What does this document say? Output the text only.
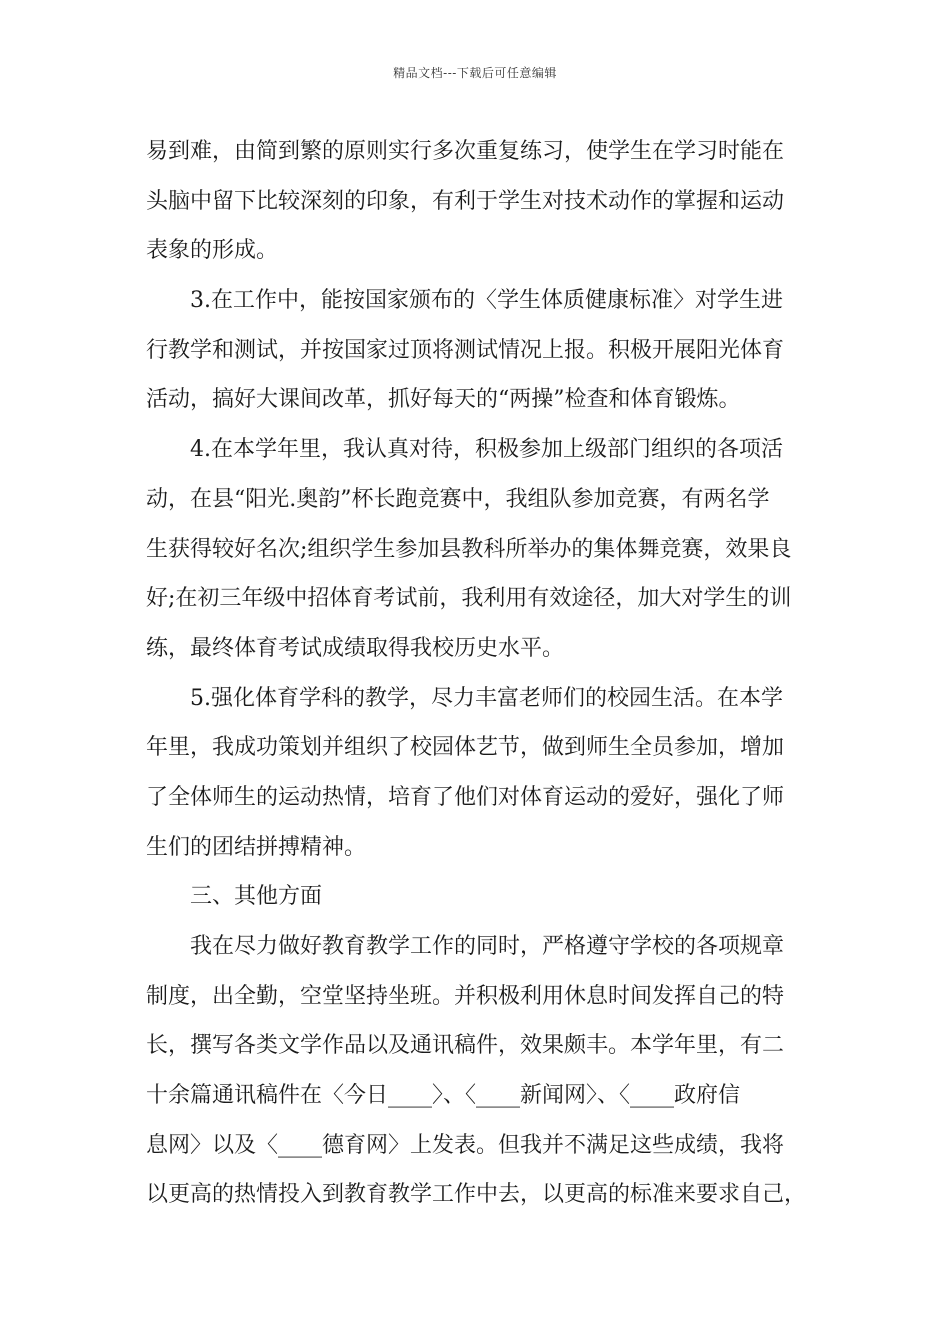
精品文档---下载后可任意编辑
易到难，由简到繁的原则实行多次重复练习，使学生在学习时能在
头脑中留下比较深刻的印象，有利于学生对技术动作的掌握和运动
表象的形成。
3.在工作中，能按国家颁布的〈学生体质健康标准〉对学生进
行教学和测试，并按国家过顶将测试情况上报。积极开展阳光体育
活动，搞好大课间改革，抓好每天的“两操”检查和体育锻炼。
4.在本学年里，我认真对待，积极参加上级部门组织的各项活
动，在县“阳光.奥韵”杯长跑竞赛中，我组队参加竞赛，有两名学
生获得较好名次;组织学生参加县教科所举办的集体舞竞赛，效果良
好;在初三年级中招体育考试前，我利用有效途径，加大对学生的训
练，最终体育考试成绩取得我校历史水平。
5.强化体育学科的教学，尽力丰富老师们的校园生活。在本学
年里，我成功策划并组织了校园体艺节，做到师生全员参加，增加
了全体师生的运动热情，培育了他们对体育运动的爱好，强化了师
生们的团结拼搏精神。
三、其他方面
我在尽力做好教育教学工作的同时，严格遵守学校的各项规章
制度，出全勤，空堂坚持坐班。并积极利用休息时间发挥自己的特
长，撰写各类文学作品以及通讯稿件，效果颇丰。本学年里，有二
十余篇通讯稿件在〈今日____〉、〈____新闻网〉、〈____政府信
息网〉以及〈____德育网〉上发表。但我并不满足这些成绩，我将
以更高的热情投入到教育教学工作中去，以更高的标准来要求自己，
